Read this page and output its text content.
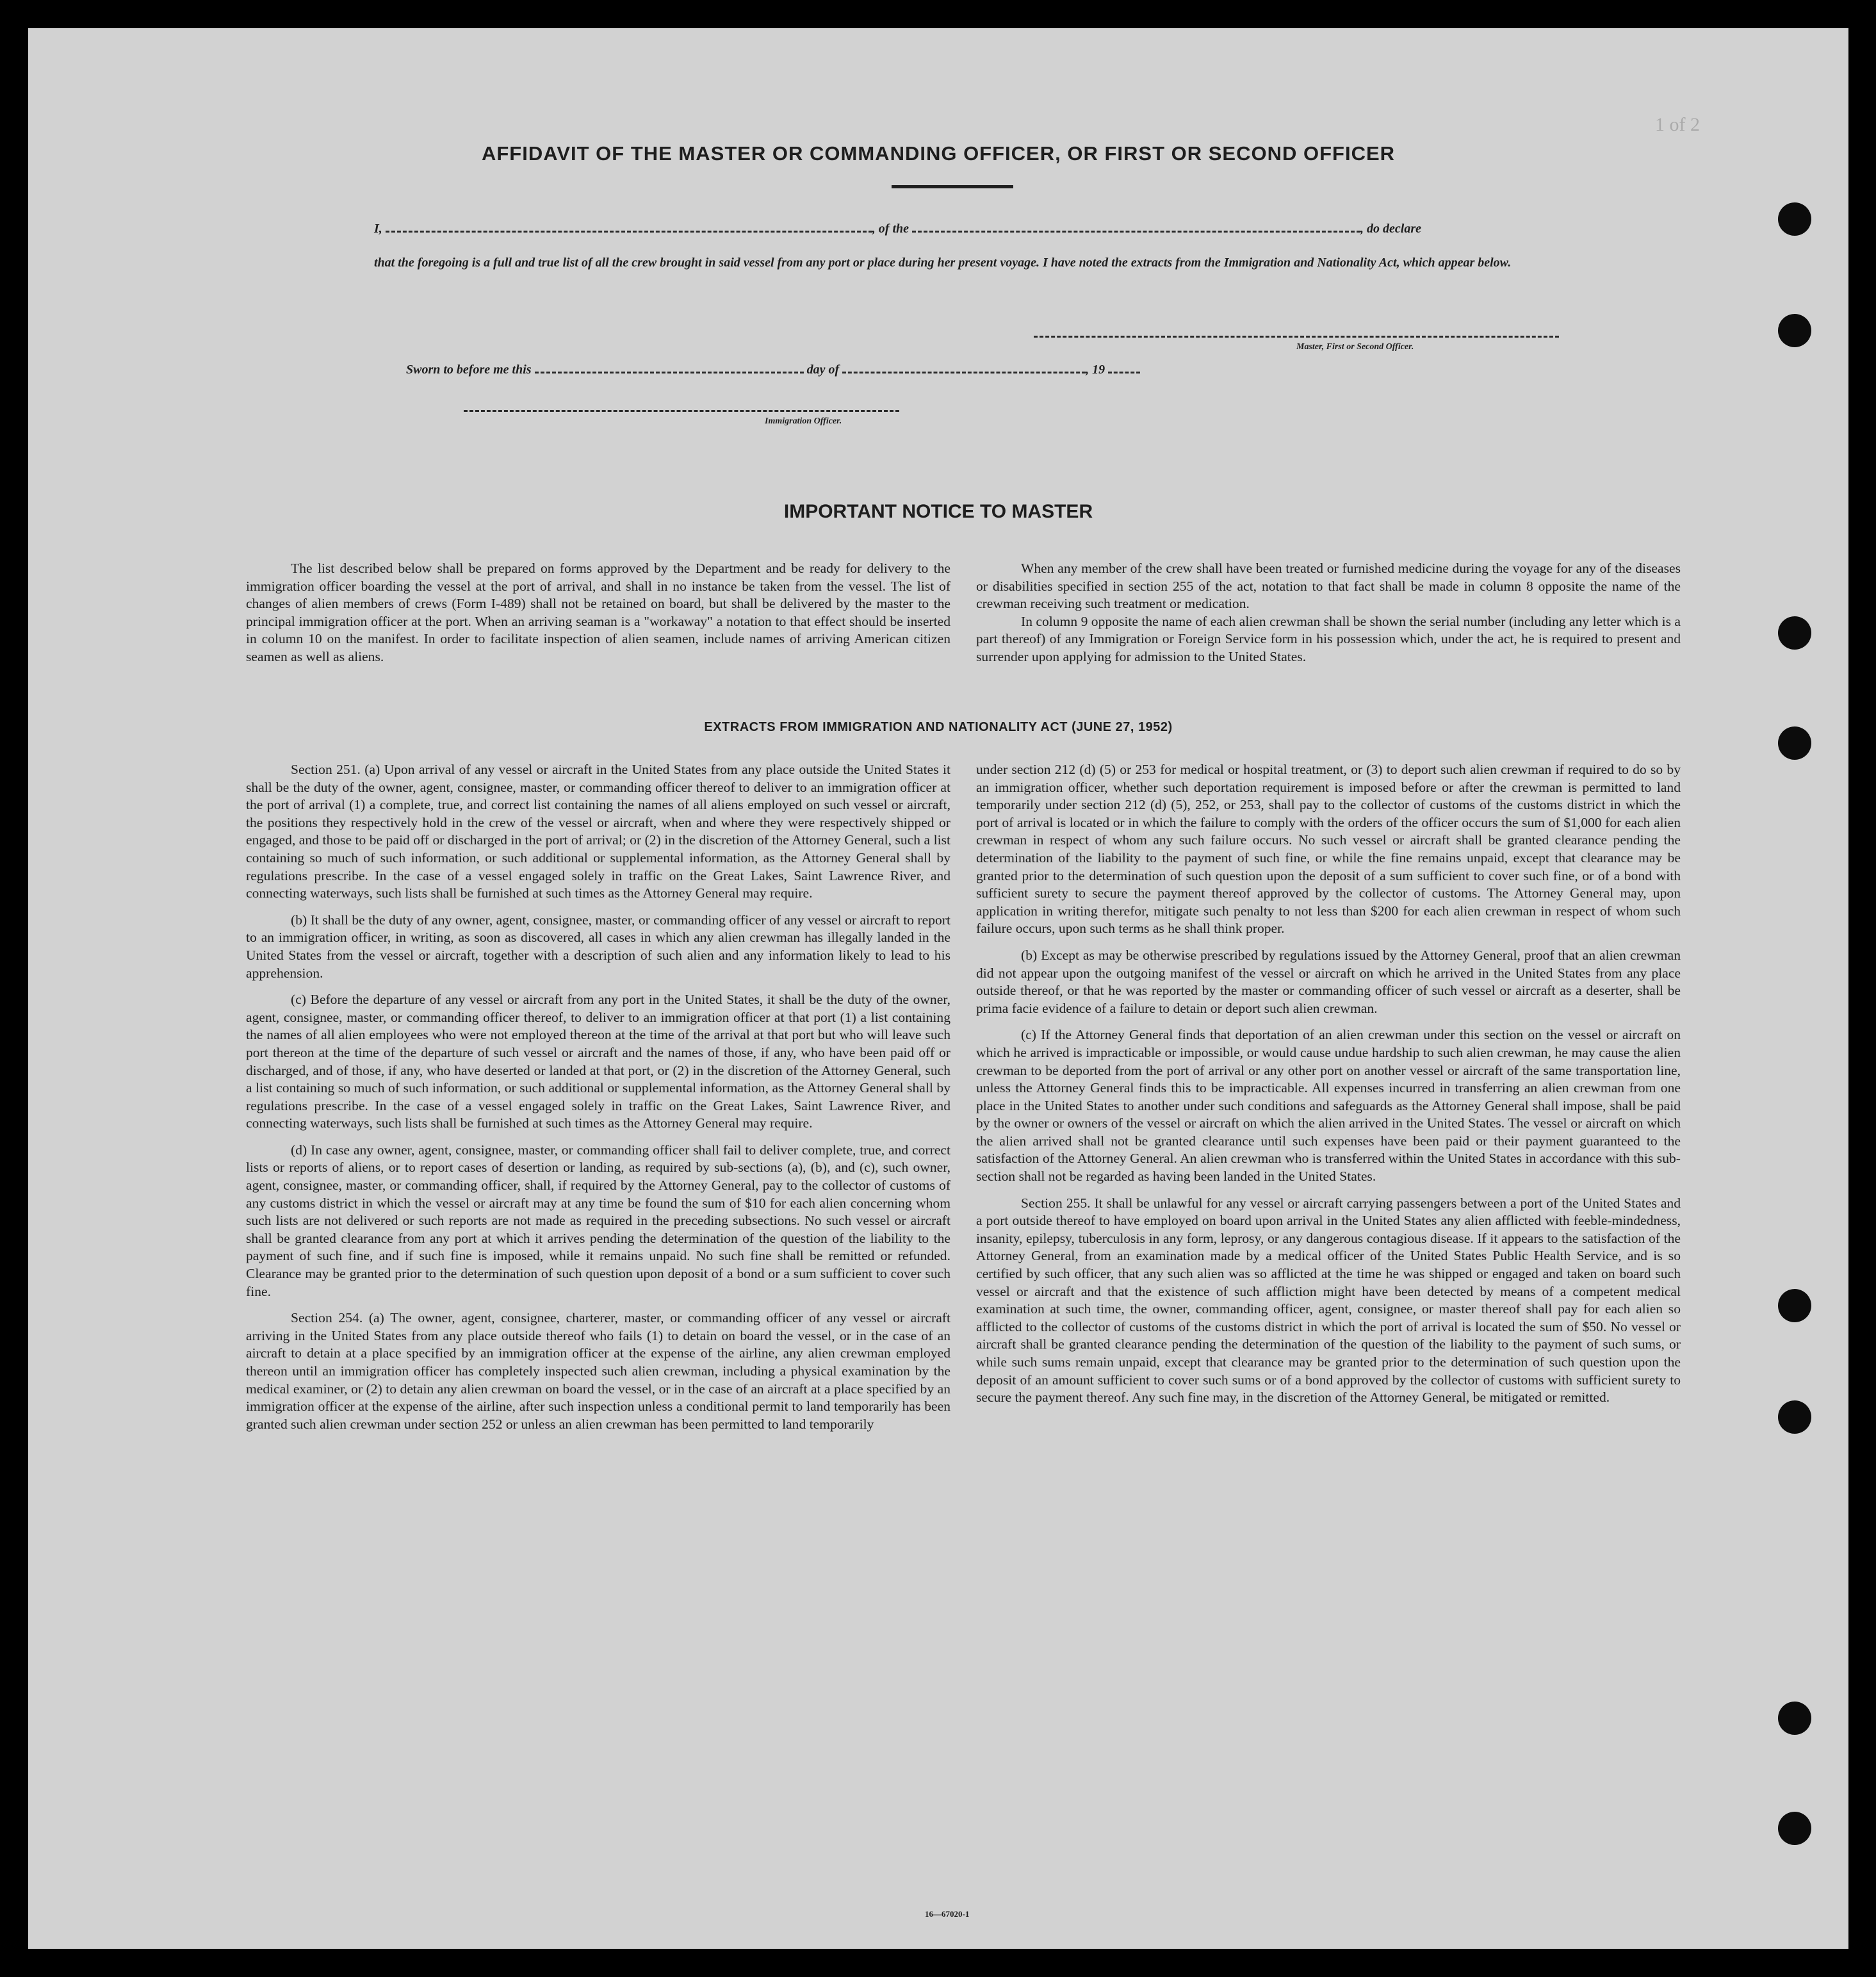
1 of 2
AFFIDAVIT OF THE MASTER OR COMMANDING OFFICER, OR FIRST OR SECOND OFFICER
I,	, of the	, do declare
that the foregoing is a full and true list of all the crew brought in said vessel from any port or place during her present voyage. I have noted the extracts from the Immigration and Nationality Act, which appear below.
Master, First or Second Officer.
Sworn to before me this	day of	, 19
Immigration Officer.
IMPORTANT NOTICE TO MASTER

The list described below shall be prepared on forms approved by the Department and be ready for delivery to the immigration officer boarding the vessel at the port of arrival, and shall in no instance be taken from the vessel. The list of changes of alien members of crews (Form I-489) shall not be retained on board, but shall be delivered by the master to the principal immigration officer at the port. When an arriving seaman is a "workaway" a notation to that effect should be inserted in column 10 on the manifest. In order to facilitate inspection of alien seamen, include names of arriving American citizen seamen as well as aliens.

When any member of the crew shall have been treated or furnished medicine during the voyage for any of the diseases or disabilities specified in section 255 of the act, notation to that fact shall be made in column 8 opposite the name of the crewman receiving such treatment or medication.

In column 9 opposite the name of each alien crewman shall be shown the serial number (including any letter which is a part thereof) of any Immigration or Foreign Service form in his possession which, under the act, he is required to present and surrender upon applying for admission to the United States.

EXTRACTS FROM IMMIGRATION AND NATIONALITY ACT (JUNE 27, 1952)

Section 251. (a) Upon arrival of any vessel or aircraft in the United States from any place outside the United States it shall be the duty of the owner, agent, consignee, master, or commanding officer thereof to deliver to an immigration officer at the port of arrival (1) a complete, true, and correct list containing the names of all aliens employed on such vessel or aircraft, the positions they respectively hold in the crew of the vessel or aircraft, when and where they were respectively shipped or engaged, and those to be paid off or discharged in the port of arrival; or (2) in the discretion of the Attorney General, such a list containing so much of such information, or such additional or supplemental information, as the Attorney General shall by regulations prescribe. In the case of a vessel engaged solely in traffic on the Great Lakes, Saint Lawrence River, and connecting waterways, such lists shall be furnished at such times as the Attorney General may require.

(b) It shall be the duty of any owner, agent, consignee, master, or commanding officer of any vessel or aircraft to report to an immigration officer, in writing, as soon as discovered, all cases in which any alien crewman has illegally landed in the United States from the vessel or aircraft, together with a description of such alien and any information likely to lead to his apprehension.

(c) Before the departure of any vessel or aircraft from any port in the United States, it shall be the duty of the owner, agent, consignee, master, or commanding officer thereof, to deliver to an immigration officer at that port (1) a list containing the names of all alien employees who were not employed thereon at the time of the arrival at that port but who will leave such port thereon at the time of the departure of such vessel or aircraft and the names of those, if any, who have been paid off or discharged, and of those, if any, who have deserted or landed at that port, or (2) in the discretion of the Attorney General, such a list containing so much of such information, or such additional or supplemental information, as the Attorney General shall by regulations prescribe. In the case of a vessel engaged solely in traffic on the Great Lakes, Saint Lawrence River, and connecting waterways, such lists shall be furnished at such times as the Attorney General may require.

(d) In case any owner, agent, consignee, master, or commanding officer shall fail to deliver complete, true, and correct lists or reports of aliens, or to report cases of desertion or landing, as required by sub-sections (a), (b), and (c), such owner, agent, consignee, master, or commanding officer, shall, if required by the Attorney General, pay to the collector of customs of any customs district in which the vessel or aircraft may at any time be found the sum of $10 for each alien concerning whom such lists are not delivered or such reports are not made as required in the preceding subsections. No such vessel or aircraft shall be granted clearance from any port at which it arrives pending the determination of the question of the liability to the payment of such fine, and if such fine is imposed, while it remains unpaid. No such fine shall be remitted or refunded. Clearance may be granted prior to the determination of such question upon deposit of a bond or a sum sufficient to cover such fine.

Section 254. (a) The owner, agent, consignee, charterer, master, or commanding officer of any vessel or aircraft arriving in the United States from any place outside thereof who fails (1) to detain on board the vessel, or in the case of an aircraft to detain at a place specified by an immigration officer at the expense of the airline, any alien crewman employed thereon until an immigration officer has completely inspected such alien crewman, including a physical examination by the medical examiner, or (2) to detain any alien crewman on board the vessel, or in the case of an aircraft at a place specified by an immigration officer at the expense of the airline, after such inspection unless a conditional permit to land temporarily has been granted such alien crewman under section 252 or unless an alien crewman has been permitted to land temporarily

under section 212 (d) (5) or 253 for medical or hospital treatment, or (3) to deport such alien crewman if required to do so by an immigration officer, whether such deportation requirement is imposed before or after the crewman is permitted to land temporarily under section 212 (d) (5), 252, or 253, shall pay to the collector of customs of the customs district in which the port of arrival is located or in which the failure to comply with the orders of the officer occurs the sum of $1,000 for each alien crewman in respect of whom any such failure occurs. No such vessel or aircraft shall be granted clearance pending the determination of the liability to the payment of such fine, or while the fine remains unpaid, except that clearance may be granted prior to the determination of such question upon the deposit of a sum sufficient to cover such fine, or of a bond with sufficient surety to secure the payment thereof approved by the collector of customs. The Attorney General may, upon application in writing therefor, mitigate such penalty to not less than $200 for each alien crewman in respect of whom such failure occurs, upon such terms as he shall think proper.

(b) Except as may be otherwise prescribed by regulations issued by the Attorney General, proof that an alien crewman did not appear upon the outgoing manifest of the vessel or aircraft on which he arrived in the United States from any place outside thereof, or that he was reported by the master or commanding officer of such vessel or aircraft as a deserter, shall be prima facie evidence of a failure to detain or deport such alien crewman.

(c) If the Attorney General finds that deportation of an alien crewman under this section on the vessel or aircraft on which he arrived is impracticable or impossible, or would cause undue hardship to such alien crewman, he may cause the alien crewman to be deported from the port of arrival or any other port on another vessel or aircraft of the same transportation line, unless the Attorney General finds this to be impracticable. All expenses incurred in transferring an alien crewman from one place in the United States to another under such conditions and safeguards as the Attorney General shall impose, shall be paid by the owner or owners of the vessel or aircraft on which the alien arrived in the United States. The vessel or aircraft on which the alien arrived shall not be granted clearance until such expenses have been paid or their payment guaranteed to the satisfaction of the Attorney General. An alien crewman who is transferred within the United States in accordance with this sub-section shall not be regarded as having been landed in the United States.

Section 255. It shall be unlawful for any vessel or aircraft carrying passengers between a port of the United States and a port outside thereof to have employed on board upon arrival in the United States any alien afflicted with feeble-mindedness, insanity, epilepsy, tuberculosis in any form, leprosy, or any dangerous contagious disease. If it appears to the satisfaction of the Attorney General, from an examination made by a medical officer of the United States Public Health Service, and is so certified by such officer, that any such alien was so afflicted at the time he was shipped or engaged and taken on board such vessel or aircraft and that the existence of such affliction might have been detected by means of a competent medical examination at such time, the owner, commanding officer, agent, consignee, or master thereof shall pay for each alien so afflicted to the collector of customs of the customs district in which the port of arrival is located the sum of $50. No vessel or aircraft shall be granted clearance pending the determination of the question of the liability to the payment of such sums, or while such sums remain unpaid, except that clearance may be granted prior to the determination of such question upon the deposit of an amount sufficient to cover such sums or of a bond approved by the collector of customs with sufficient surety to secure the payment thereof. Any such fine may, in the discretion of the Attorney General, be mitigated or remitted.

16—67020-1
